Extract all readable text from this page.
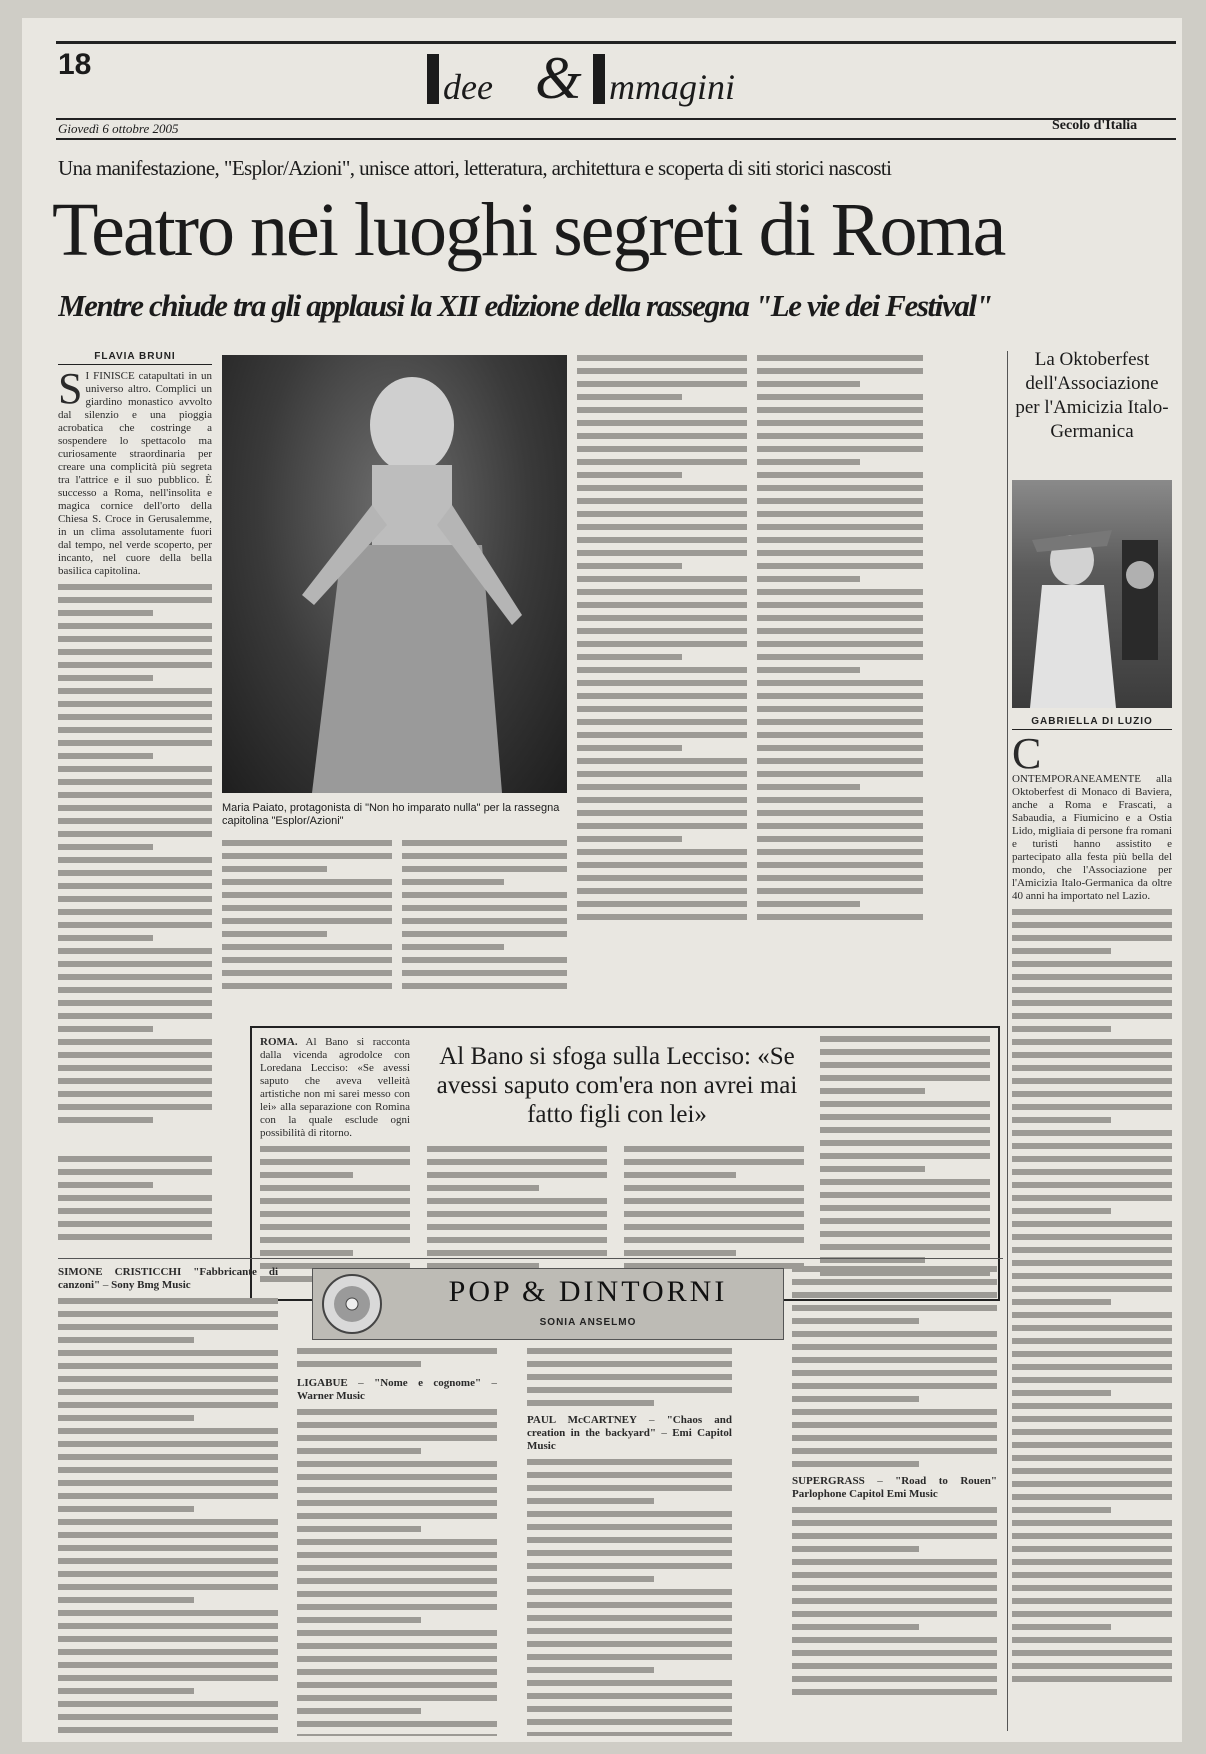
18
dee & mmagini
Giovedì 6 ottobre 2005	Secolo d'Italia
Una manifestazione, "Esplor/Azioni", unisce attori, letteratura, architettura e scoperta di siti storici nascosti
Teatro nei luoghi segreti di Roma
Mentre chiude tra gli applausi la XII edizione della rassegna "Le vie dei Festival"
FLAVIA BRUNI
S I FINISCE catapultati in un universo altro. Complici un giardino monastico avvolto dal silenzio e una pioggia acrobatica che costringe a sospendere lo spettacolo ma curiosamente straordinaria per creare una complicità più segreta tra l'attrice e il suo pubblico. È successo a Roma, nell'insolita e magica cornice dell'orto della Chiesa S. Croce in Gerusalemme, in un clima assolutamente fuori dal tempo, nel verde scoperto, per incanto, nel cuore della bella basilica capitolina.
Maria Paiato, protagonista di "Non ho imparato nulla" per la rassegna capitolina "Esplor/Azioni"
La Oktoberfest dell'Associazione per l'Amicizia Italo-Germanica
GABRIELLA DI LUZIO
C
ONTEMPORANEAMENTE alla Oktoberfest di Monaco di Baviera, anche a Roma e Frascati, a Sabaudia, a Fiumicino e a Ostia Lido, migliaia di persone fra romani e turisti hanno assistito e partecipato alla festa più bella del mondo, che l'Associazione per l'Amicizia Italo-Germanica da oltre 40 anni ha importato nel Lazio.
ROMA. Al Bano si racconta dalla vicenda agrodolce con Loredana Lecciso: «Se avessi saputo che aveva velleità artistiche non mi sarei messo con lei» alla separazione con Romina con la quale esclude ogni possibilità di ritorno.
Al Bano si sfoga sulla Lecciso: «Se avessi saputo com'era non avrei mai fatto figli con lei»
POP & DINTORNI
SONIA ANSELMO
SIMONE CRISTICCHI "Fabbricante di canzoni" – Sony Bmg Music
LIGABUE – "Nome e cognome" – Warner Music
PAUL McCARTNEY – "Chaos and creation in the backyard" – Emi Capitol Music
SUPERGRASS – "Road to Rouen" Parlophone Capitol Emi Music
